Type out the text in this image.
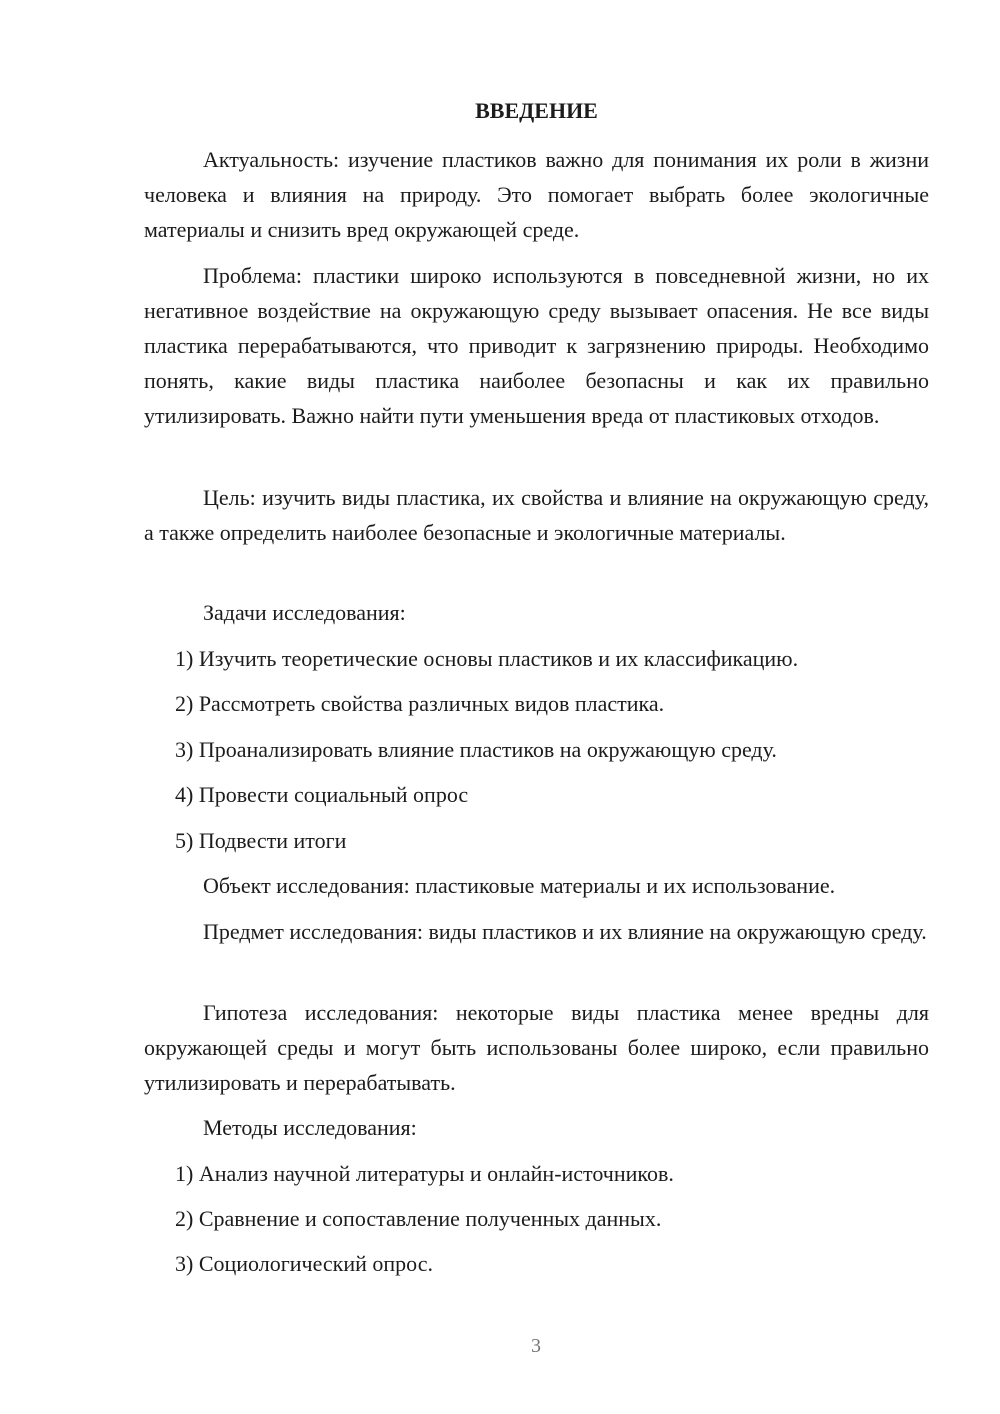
ВВЕДЕНИЕ

Актуальность: изучение пластиков важно для понимания их роли в жизни человека и влияния на природу. Это помогает выбрать более экологичные материалы и снизить вред окружающей среде.

Проблема: пластики широко используются в повседневной жизни, но их негативное воздействие на окружающую среду вызывает опасения. Не все виды пластика перерабатываются, что приводит к загрязнению природы. Необходимо понять, какие виды пластика наиболее безопасны и как их правильно утилизировать. Важно найти пути уменьшения вреда от пластиковых отходов.

Цель: изучить виды пластика, их свойства и влияние на окружающую среду, а также определить наиболее безопасные и экологичные материалы.

Задачи исследования:
1) Изучить теоретические основы пластиков и их классификацию.
2) Рассмотреть свойства различных видов пластика.
3) Проанализировать влияние пластиков на окружающую среду.
4) Провести социальный опрос
5) Подвести итоги
Объект исследования: пластиковые материалы и их использование.

Предмет исследования: виды пластиков и их влияние на окружающую среду.

Гипотеза исследования: некоторые виды пластика менее вредны для окружающей среды и могут быть использованы более широко, если правильно утилизировать и перерабатывать.

Методы исследования:
1) Анализ научной литературы и онлайн-источников.
2) Сравнение и сопоставление полученных данных.
3) Социологический опрос.
3
